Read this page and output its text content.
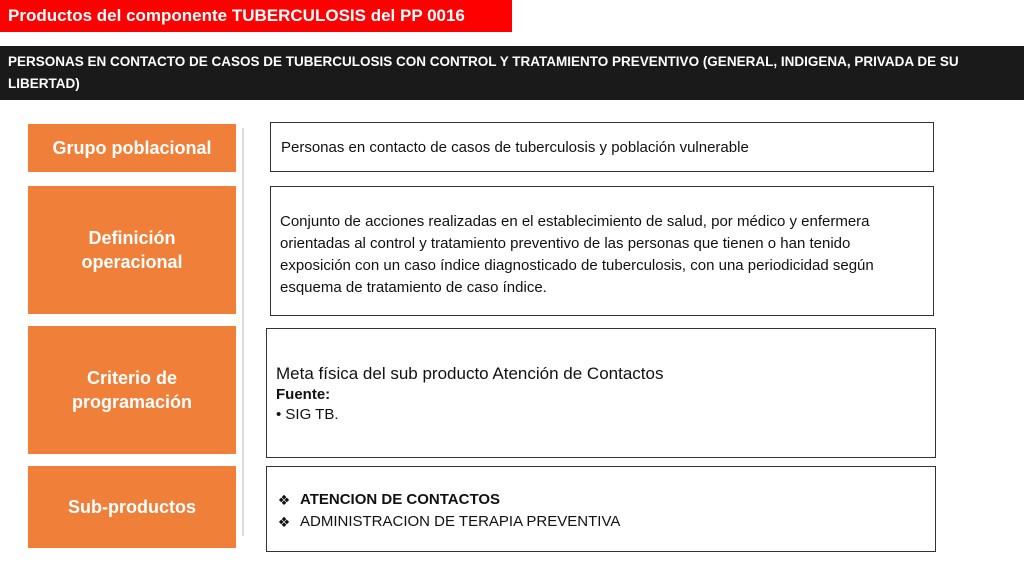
Productos del componente TUBERCULOSIS del PP 0016
PERSONAS EN CONTACTO DE CASOS DE TUBERCULOSIS CON CONTROL Y TRATAMIENTO PREVENTIVO (GENERAL, INDIGENA, PRIVADA DE SU LIBERTAD)
Grupo poblacional	Personas en contacto de casos de tuberculosis y población vulnerable
Definición operacional
Conjunto de acciones realizadas en el establecimiento de salud, por médico y enfermera orientadas al control y tratamiento preventivo de las personas que tienen o han tenido exposición con un caso índice diagnosticado de tuberculosis, con una periodicidad según esquema de tratamiento de caso índice.
Criterio de programación
Meta física del sub producto Atención de Contactos
Fuente:
• SIG TB.
Sub-productos	❖ ATENCION DE CONTACTOS
❖ ADMINISTRACION DE TERAPIA PREVENTIVA
